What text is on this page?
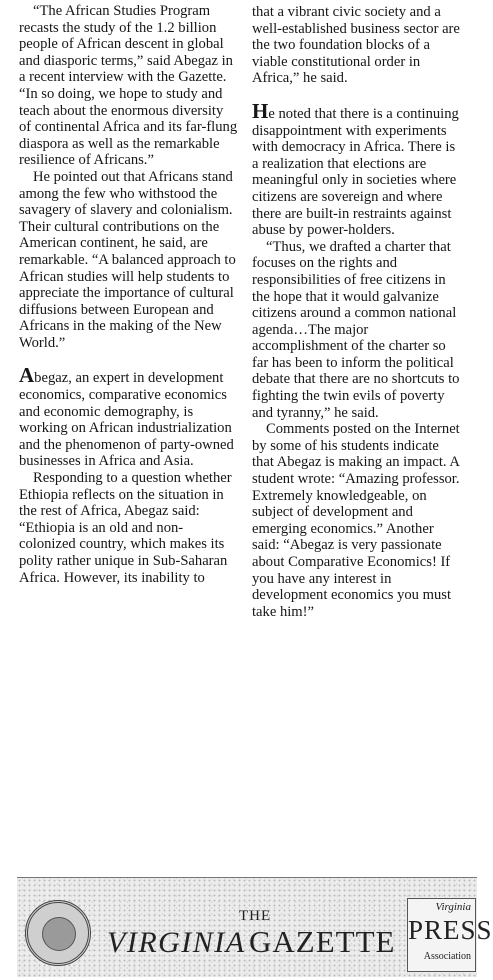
“The African Studies Program recasts the study of the 1.2 billion people of African descent in global and diasporic terms,” said Abegaz in a recent interview with the Gazette. “In so doing, we hope to study and teach about the enormous diversity of continental Africa and its far-flung diaspora as well as the remarkable resilience of Africans.”

He pointed out that Africans stand among the few who withstood the savagery of slavery and colonialism. Their cultural contributions on the American continent, he said, are remarkable. “A balanced approach to African studies will help students to appreciate the importance of cultural diffusions between European and Africans in the making of the New World.”

Abegaz, an expert in development economics, comparative economics and economic demography, is working on African industrialization and the phenomenon of party-owned businesses in Africa and Asia.

Responding to a question whether Ethiopia reflects on the situation in the rest of Africa, Abegaz said: “Ethiopia is an old and non-colonized country, which makes its polity rather unique in Sub-Saharan Africa. However, its inability to

that a vibrant civic society and a well-established business sector are the two foundation blocks of a viable constitutional order in Africa,” he said.

He noted that there is a continuing disappointment with experiments with democracy in Africa. There is a realization that elections are meaningful only in societies where citizens are sovereign and where there are built-in restraints against abuse by power-holders.

“Thus, we drafted a charter that focuses on the rights and responsibilities of free citizens in the hope that it would galvanize citizens around a common national agenda…The major accomplishment of the charter so far has been to inform the political debate that there are no shortcuts to fighting the twin evils of poverty and tyranny,” he said.

Comments posted on the Internet by some of his students indicate that Abegaz is making an impact. A student wrote: “Amazing professor. Extremely knowledgeable, on subject of development and emerging economics.” Another said: “Abegaz is very passionate about Comparative Economics! If you have any interest in development economics you must take him!”

THE
VIRGINIA GAZETTE
Virginia
PRESS
Association
